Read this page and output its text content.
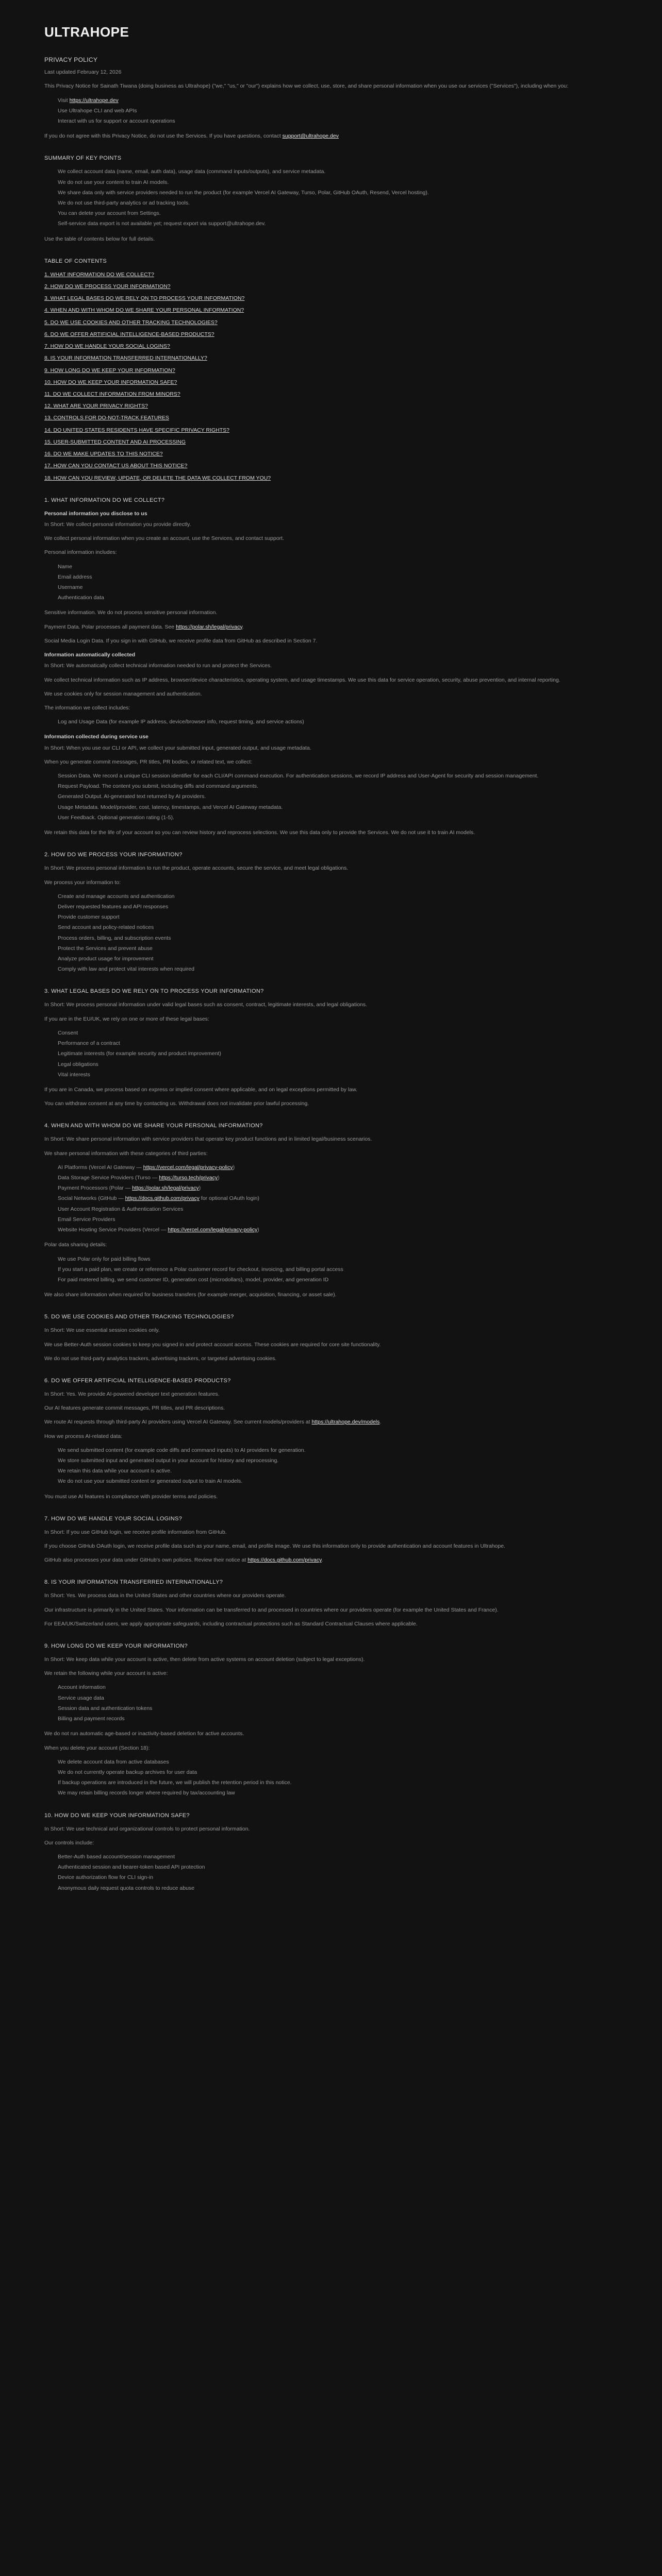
ULTRAHOPE
PRIVACY POLICY

Last updated February 12, 2026

This Privacy Notice for Sainath Tiwana (doing business as Ultrahope) ("we," "us," or "our") explains how we collect, use, store, and share personal information when you use our services ("Services"), including when you:

Visit https://ultrahope.dev
Use Ultrahope CLI and web APIs
Interact with us for support or account operations

If you do not agree with this Privacy Notice, do not use the Services. If you have questions, contact support@ultrahope.dev

SUMMARY OF KEY POINTS
We collect account data (name, email, auth data), usage data (command inputs/outputs), and service metadata.
We do not use your content to train AI models.
We share data only with service providers needed to run the product (for example Vercel AI Gateway, Turso, Polar, GitHub OAuth, Resend, Vercel hosting).
We do not use third-party analytics or ad tracking tools.
You can delete your account from Settings.
Self-service data export is not available yet; request export via support@ultrahope.dev.

Use the table of contents below for full details.

TABLE OF CONTENTS
1. WHAT INFORMATION DO WE COLLECT?
2. HOW DO WE PROCESS YOUR INFORMATION?
3. WHAT LEGAL BASES DO WE RELY ON TO PROCESS YOUR INFORMATION?
4. WHEN AND WITH WHOM DO WE SHARE YOUR PERSONAL INFORMATION?
5. DO WE USE COOKIES AND OTHER TRACKING TECHNOLOGIES?
6. DO WE OFFER ARTIFICIAL INTELLIGENCE-BASED PRODUCTS?
7. HOW DO WE HANDLE YOUR SOCIAL LOGINS?
8. IS YOUR INFORMATION TRANSFERRED INTERNATIONALLY?
9. HOW LONG DO WE KEEP YOUR INFORMATION?
10. HOW DO WE KEEP YOUR INFORMATION SAFE?
11. DO WE COLLECT INFORMATION FROM MINORS?
12. WHAT ARE YOUR PRIVACY RIGHTS?
13. CONTROLS FOR DO-NOT-TRACK FEATURES
14. DO UNITED STATES RESIDENTS HAVE SPECIFIC PRIVACY RIGHTS?
15. USER-SUBMITTED CONTENT AND AI PROCESSING
16. DO WE MAKE UPDATES TO THIS NOTICE?
17. HOW CAN YOU CONTACT US ABOUT THIS NOTICE?
18. HOW CAN YOU REVIEW, UPDATE, OR DELETE THE DATA WE COLLECT FROM YOU?
1. WHAT INFORMATION DO WE COLLECT?
Personal information you disclose to us

In Short: We collect personal information you provide directly.

We collect personal information when you create an account, use the Services, and contact support.

Personal information includes:

Name
Email address
Username
Authentication data

Sensitive information. We do not process sensitive personal information.

Payment Data. Polar processes all payment data. See https://polar.sh/legal/privacy.

Social Media Login Data. If you sign in with GitHub, we receive profile data from GitHub as described in Section 7.

Information automatically collected

In Short: We automatically collect technical information needed to run and protect the Services.

We collect technical information such as IP address, browser/device characteristics, operating system, and usage timestamps. We use this data for service operation, security, abuse prevention, and internal reporting.

We use cookies only for session management and authentication.

The information we collect includes:

Log and Usage Data (for example IP address, device/browser info, request timing, and service actions)
Information collected during service use

In Short: When you use our CLI or API, we collect your submitted input, generated output, and usage metadata.

When you generate commit messages, PR titles, PR bodies, or related text, we collect:

Session Data. We record a unique CLI session identifier for each CLI/API command execution. For authentication sessions, we record IP address and User-Agent for security and session management.
Request Payload. The content you submit, including diffs and command arguments.
Generated Output. AI-generated text returned by AI providers.
Usage Metadata. Model/provider, cost, latency, timestamps, and Vercel AI Gateway metadata.
User Feedback. Optional generation rating (1-5).

We retain this data for the life of your account so you can review history and reprocess selections. We use this data only to provide the Services. We do not use it to train AI models.

2. HOW DO WE PROCESS YOUR INFORMATION?

In Short: We process personal information to run the product, operate accounts, secure the service, and meet legal obligations.

We process your information to:

Create and manage accounts and authentication
Deliver requested features and API responses
Provide customer support
Send account and policy-related notices
Process orders, billing, and subscription events
Protect the Services and prevent abuse
Analyze product usage for improvement
Comply with law and protect vital interests when required
3. WHAT LEGAL BASES DO WE RELY ON TO PROCESS YOUR INFORMATION?

In Short: We process personal information under valid legal bases such as consent, contract, legitimate interests, and legal obligations.

If you are in the EU/UK, we rely on one or more of these legal bases:

Consent
Performance of a contract
Legitimate interests (for example security and product improvement)
Legal obligations
Vital interests

If you are in Canada, we process based on express or implied consent where applicable, and on legal exceptions permitted by law.

You can withdraw consent at any time by contacting us. Withdrawal does not invalidate prior lawful processing.

4. WHEN AND WITH WHOM DO WE SHARE YOUR PERSONAL INFORMATION?

In Short: We share personal information with service providers that operate key product functions and in limited legal/business scenarios.

We share personal information with these categories of third parties:

AI Platforms (Vercel AI Gateway — https://vercel.com/legal/privacy-policy)
Data Storage Service Providers (Turso — https://turso.tech/privacy)
Payment Processors (Polar — https://polar.sh/legal/privacy)
Social Networks (GitHub — https://docs.github.com/privacy for optional OAuth login)
User Account Registration & Authentication Services
Email Service Providers
Website Hosting Service Providers (Vercel — https://vercel.com/legal/privacy-policy)

Polar data sharing details:

We use Polar only for paid billing flows
If you start a paid plan, we create or reference a Polar customer record for checkout, invoicing, and billing portal access
For paid metered billing, we send customer ID, generation cost (microdollars), model, provider, and generation ID

We also share information when required for business transfers (for example merger, acquisition, financing, or asset sale).

5. DO WE USE COOKIES AND OTHER TRACKING TECHNOLOGIES?

In Short: We use essential session cookies only.

We use Better-Auth session cookies to keep you signed in and protect account access. These cookies are required for core site functionality.

We do not use third-party analytics trackers, advertising trackers, or targeted advertising cookies.

6. DO WE OFFER ARTIFICIAL INTELLIGENCE-BASED PRODUCTS?

In Short: Yes. We provide AI-powered developer text generation features.

Our AI features generate commit messages, PR titles, and PR descriptions.

We route AI requests through third-party AI providers using Vercel AI Gateway. See current models/providers at https://ultrahope.dev/models.

How we process AI-related data:

We send submitted content (for example code diffs and command inputs) to AI providers for generation.
We store submitted input and generated output in your account for history and reprocessing.
We retain this data while your account is active.
We do not use your submitted content or generated output to train AI models.

You must use AI features in compliance with provider terms and policies.

7. HOW DO WE HANDLE YOUR SOCIAL LOGINS?

In Short: If you use GitHub login, we receive profile information from GitHub.

If you choose GitHub OAuth login, we receive profile data such as your name, email, and profile image. We use this information only to provide authentication and account features in Ultrahope.

GitHub also processes your data under GitHub's own policies. Review their notice at https://docs.github.com/privacy.

8. IS YOUR INFORMATION TRANSFERRED INTERNATIONALLY?

In Short: Yes. We process data in the United States and other countries where our providers operate.

Our infrastructure is primarily in the United States. Your information can be transferred to and processed in countries where our providers operate (for example the United States and France).

For EEA/UK/Switzerland users, we apply appropriate safeguards, including contractual protections such as Standard Contractual Clauses where applicable.

9. HOW LONG DO WE KEEP YOUR INFORMATION?

In Short: We keep data while your account is active, then delete from active systems on account deletion (subject to legal exceptions).

We retain the following while your account is active:

Account information
Service usage data
Session data and authentication tokens
Billing and payment records

We do not run automatic age-based or inactivity-based deletion for active accounts.

When you delete your account (Section 18):

We delete account data from active databases
We do not currently operate backup archives for user data
If backup operations are introduced in the future, we will publish the retention period in this notice.
We may retain billing records longer where required by tax/accounting law
10. HOW DO WE KEEP YOUR INFORMATION SAFE?

In Short: We use technical and organizational controls to protect personal information.

Our controls include:

Better-Auth based account/session management
Authenticated session and bearer-token based API protection
Device authorization flow for CLI sign-in
Anonymous daily request quota controls to reduce abuse
